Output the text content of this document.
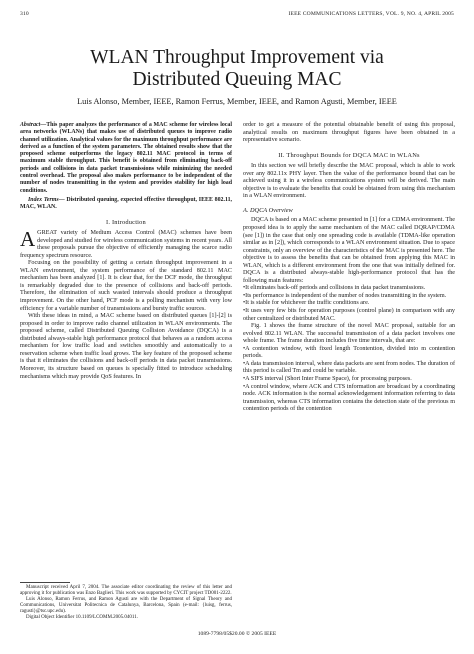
310	IEEE COMMUNICATIONS LETTERS, VOL. 9, NO. 4, APRIL 2005
WLAN Throughput Improvement via
Distributed Queuing MAC
Luis Alonso, Member, IEEE, Ramon Ferrus, Member, IEEE, and Ramon Agusti, Member, IEEE

Abstract—This paper analyzes the performance of a MAC scheme for wireless local area networks (WLANs) that makes use of distributed queues to improve radio channel utilization. Analytical values for the maximum throughput performance are derived as a function of the system parameters. The obtained results show that the proposed scheme outperforms the legacy 802.11 MAC protocol in terms of maximum stable throughput. This benefit is obtained from eliminating back-off periods and collisions in data packet transmissions while minimizing the needed control overhead. The proposal also makes performance to be independent of the number of nodes transmitting in the system and provides stability for high load conditions.

Index Terms— Distributed queuing, expected effective throughput, IEEE 802.11, MAC, WLAN.

I. Introduction

AGREAT variety of Medium Access Control (MAC) schemes have been developed and studied for wireless communication systems in recent years. All these proposals pursue the objective of efficiently managing the scarce radio frequency spectrum resource.

Focusing on the possibility of getting a certain throughput improvement in a WLAN environment, the system performance of the standard 802.11 MAC mechanism has been analyzed [1]. It is clear that, for the DCF mode, the throughput is remarkably degraded due to the presence of collisions and back-off periods. Therefore, the elimination of such wasted intervals should produce a throughput improvement. On the other hand, PCF mode is a polling mechanism with very low efficiency for a variable number of transmissions and bursty traffic sources.

With these ideas in mind, a MAC scheme based on distributed queues [1]-[2] is proposed in order to improve radio channel utilization in WLAN environments. The proposed scheme, called Distributed Queuing Collision Avoidance (DQCA) is a distributed always-stable high performance protocol that behaves as a random access mechanism for low traffic load and switches smoothly and automatically to a reservation scheme when traffic load grows. The key feature of the proposed scheme is that it eliminates the collisions and back-off periods in data packet transmissions. Moreover, its structure based on queues is specially fitted to introduce scheduling mechanisms which may provide QoS features. In

Manuscript received April 7, 2004. The associate editor coordinating the review of this letter and approving it for publication was Enzo Baglieri. This work was supported by CYCIT project TD001-2222.

Luis Alonso, Ramon Ferrus, and Ramon Agusti are with the Department of Signal Theory and Communications, Universitat Politecnica de Catalunya, Barcelona, Spain (e-mail: {luisg, ferrus, ragusti}@tsc.upc.edu).

Digital Object Identifier 10.1109/LCOMM.2005.04011.

order to get a measure of the potential obtainable benefit of using this proposal, analytical results on maximum throughput figures have been obtained in a representative scenario.

II. Throughput Bounds for DQCA MAC in WLANs

In this section we will briefly describe the MAC proposal, which is able to work over any 802.11x PHY layer. Then the value of the performance bound that can be achieved using it in a wireless communications system will be derived. The main objective is to evaluate the benefits that could be obtained from using this mechanism in a WLAN environment.

A. DQCA Overview

DQCA is based on a MAC scheme presented in [1] for a CDMA environment. The proposed idea is to apply the same mechanism of the MAC called DQRAP/CDMA (see [1]) in the case that only one spreading code is available (TDMA-like operation similar as in [2]), which corresponds to a WLAN environment situation. Due to space constraints, only an overview of the characteristics of the MAC is presented here. The objective is to assess the benefits that can be obtained from applying this MAC in WLAN, which is a different environment from the one that was initially defined for. DQCA is a distributed always-stable high-performance protocol that has the following main features:

•It eliminates back-off periods and collisions in data packet transmissions.

•Its performance is independent of the number of nodes transmitting in the system.

•It is stable for whichever the traffic conditions are.

•It uses very few bits for operation purposes (control plane) in comparison with any other centralized or distributed MAC.

Fig. 1 shows the frame structure of the novel MAC proposal, suitable for an evolved 802.11 WLAN. The successful transmission of a data packet involves one whole frame. The frame duration includes five time intervals, that are:

•A contention window, with fixed length Tcontention, divided into m contention periods.

•A data transmission interval, where data packets are sent from nodes. The duration of this period is called Tm and could be variable.

•A SIFS interval (Short Inter Frame Space), for processing purposes.

•A control window, where ACK and CTS information are broadcast by a coordinating node. ACK information is the normal acknowledgement information referring to data transmission, whereas CTS information contains the detection state of the previous m contention periods of the contention

1089-7798/05$20.00 © 2005 IEEE
